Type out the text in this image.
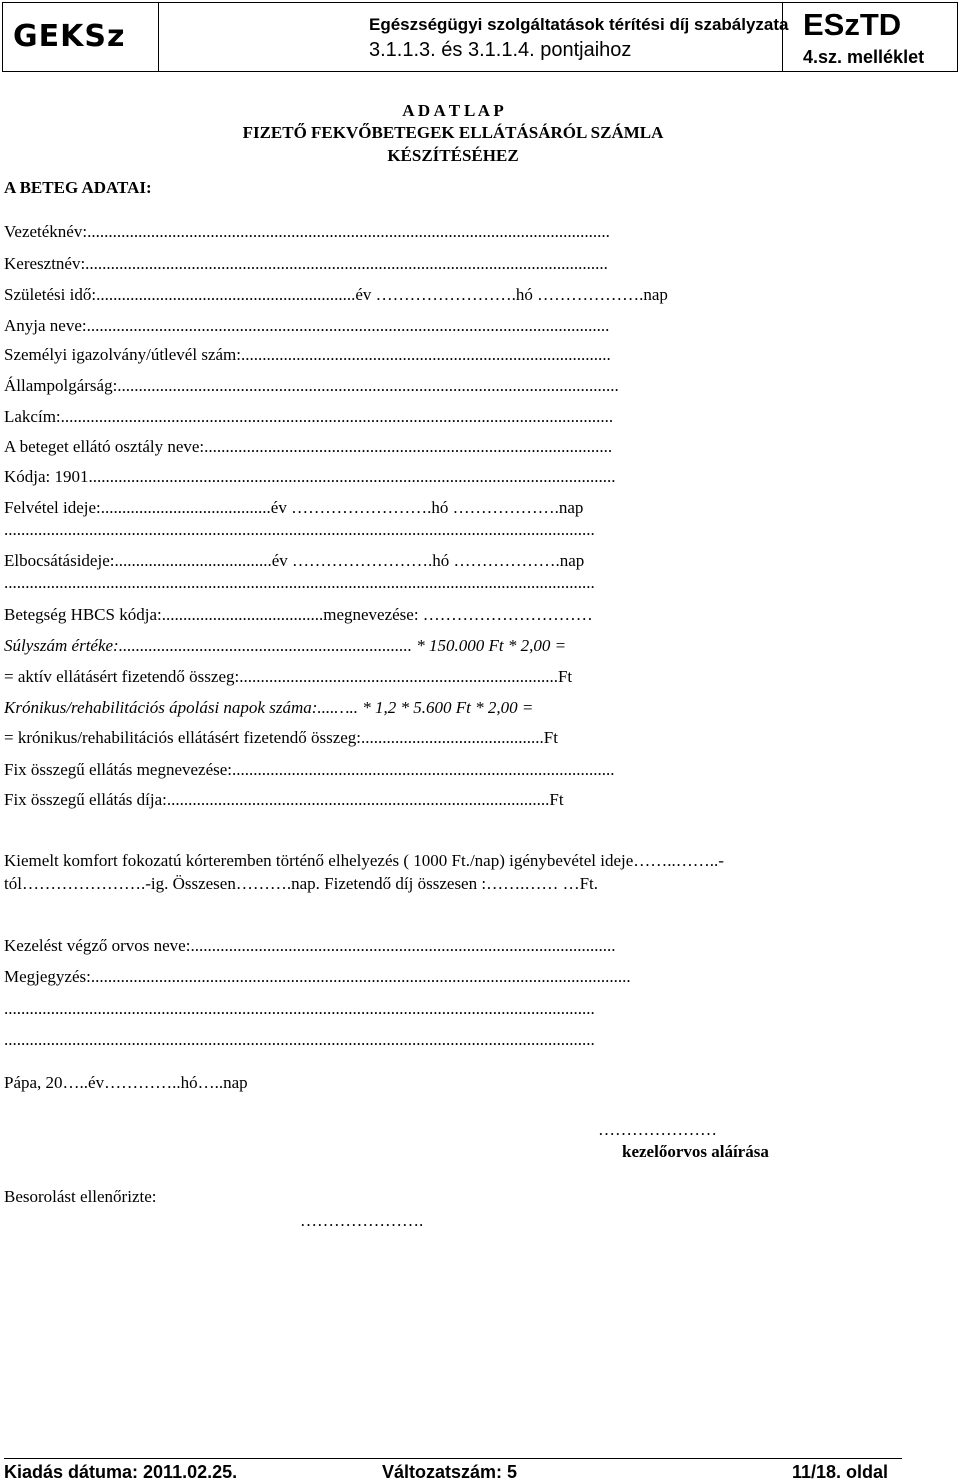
GEKSz	Egészségügyi szolgáltatások térítési díj szabályzata
3.1.1.3. és 3.1.1.4. pontjaihoz
ESzTD
4.sz. melléklet
A D A T L A P
FIZETŐ FEKVŐBETEGEK ELLÁTÁSÁRÓL SZÁMLA
KÉSZÍTÉSÉHEZ
A BETEG ADATAI:
Vezetéknév:...........................................................................................................................
Keresztnév:...........................................................................................................................
Születési idő:.............................................................év …………………….hó ……………….nap
Anyja neve:...........................................................................................................................
Személyi igazolvány/útlevél szám:.......................................................................................
Állampolgárság:......................................................................................................................
Lakcím:..................................................................................................................................
A beteget ellátó osztály neve:................................................................................................
Kódja: 1901............................................................................................................................
Felvétel ideje:........................................év …………………….hó ……………….nap
...........................................................................................................................................
Elbocsátásideje:.....................................év …………………….hó ……………….nap
...........................................................................................................................................
Betegség HBCS kódja:......................................megnevezése: …………………………
Súlyszám értéke:..................................................................... * 150.000 Ft * 2,00 =
= aktív ellátásért fizetendő összeg:...........................................................................Ft
Krónikus/rehabilitációs ápolási napok száma:....….. * 1,2 * 5.600 Ft * 2,00 =
= krónikus/rehabilitációs ellátásért fizetendő összeg:...........................................Ft
Fix összegű ellátás megnevezése:..........................................................................................
Fix összegű ellátás díja:..........................................................................................Ft
Kiemelt komfort fokozatú kórteremben történő elhelyezés ( 1000 Ft./nap) igénybevétel ideje……..……..-
tól………………….-ig. Összesen……….nap. Fizetendő díj összesen :…….…… …Ft.
Kezelést végző orvos neve:....................................................................................................
Megjegyzés:...............................................................................................................................
...........................................................................................................................................
...........................................................................................................................................
Pápa, 20…..év…………..hó…..nap
…………………
kezelőorvos aláírása
Besorolást ellenőrizte:
………………….
Kiadás dátuma: 2011.02.25.	Változatszám: 5	11/18. oldal
